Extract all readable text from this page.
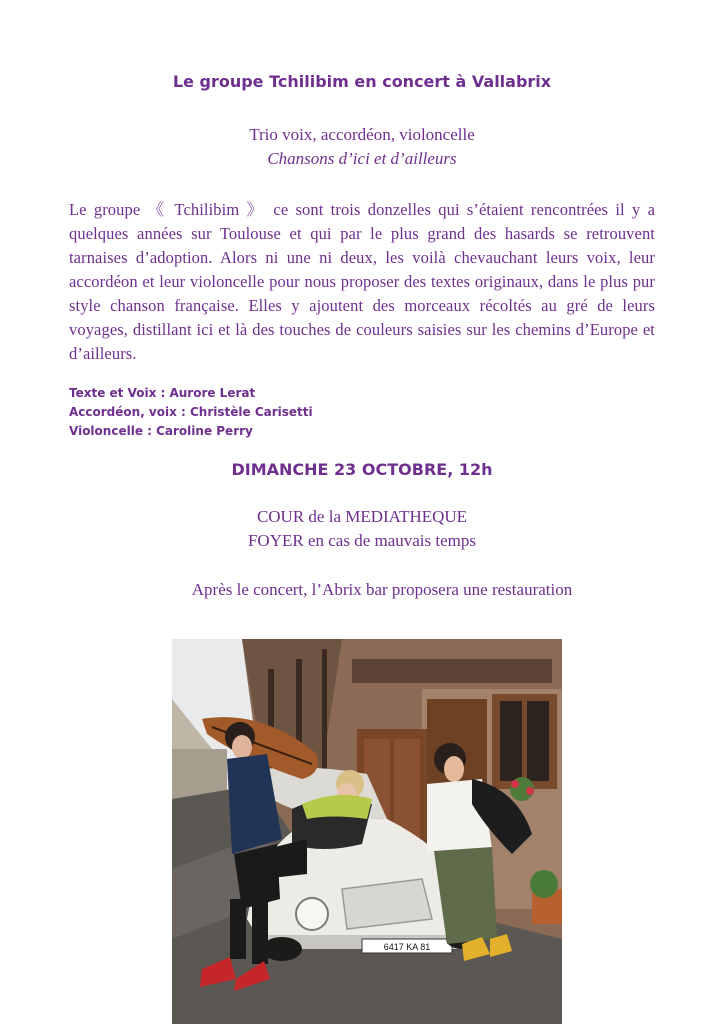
Le groupe Tchilibim en concert à Vallabrix
Trio voix, accordéon, violoncelle
Chansons d’ici et d’ailleurs
Le groupe 《 Tchilibim 》 ce sont trois donzelles qui s’étaient rencontrées il y a quelques années sur Toulouse et qui par le plus grand des hasards se retrouvent tarnaises d’adoption. Alors ni une ni deux, les voilà chevauchant leurs voix, leur accordéon et leur violoncelle pour nous proposer des textes originaux, dans le plus pur style chanson française. Elles y ajoutent des morceaux récoltés au gré de leurs voyages, distillant ici et là des touches de couleurs saisies sur les chemins d’Europe et d’ailleurs.
Texte et Voix : Aurore Lerat
Accordéon, voix : Christèle Carisetti
Violoncelle : Caroline Perry
DIMANCHE 23 OCTOBRE, 12h
COUR de la MEDIATHEQUE
FOYER en cas de mauvais temps
Après le concert, l’Abrix bar proposera une restauration
6417 KA 81
